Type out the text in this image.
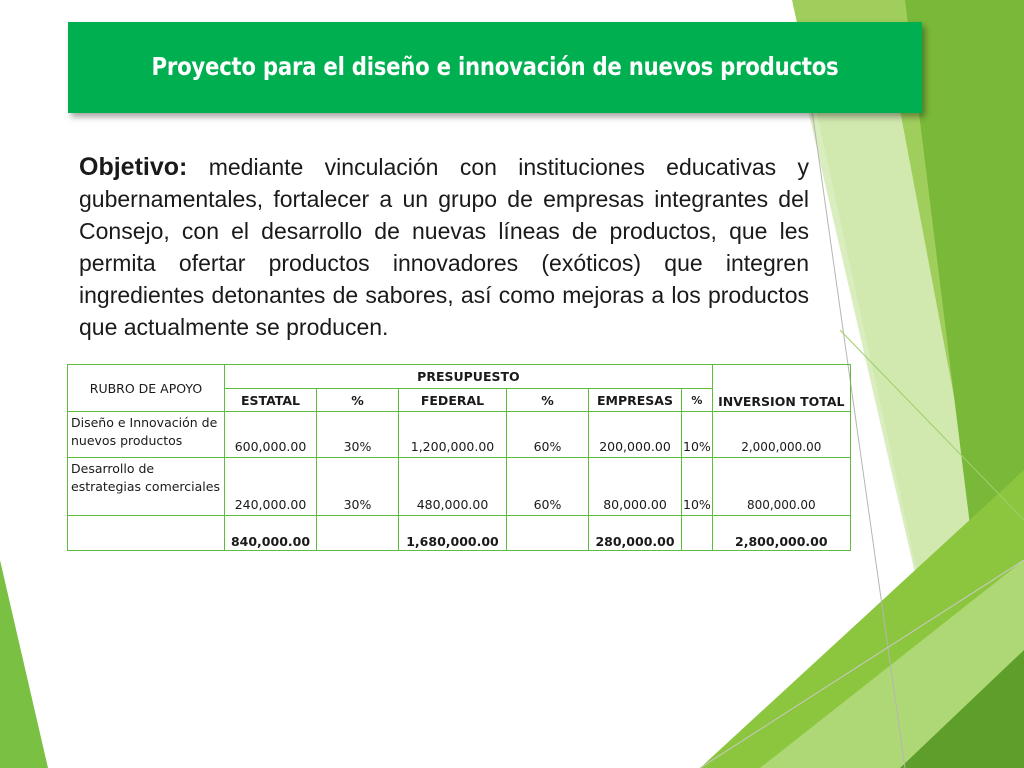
Proyecto para el diseño e innovación de nuevos productos
Objetivo: mediante vinculación con instituciones educativas y gubernamentales, fortalecer a un grupo de empresas integrantes del Consejo, con el desarrollo de nuevas líneas de productos, que les permita ofertar productos innovadores (exóticos) que integren ingredientes detonantes de sabores, así como mejoras a los productos que actualmente se producen.
RUBRO DE APOYO	PRESUPUESTO						INVERSION TOTAL
	ESTATAL	%	FEDERAL	%	EMPRESAS	%	
Diseño e Innovación de nuevos productos	600,000.00	30%	1,200,000.00	60%	200,000.00	10%	2,000,000.00
Desarrollo de estrategias comerciales	240,000.00	30%	480,000.00	60%	80,000.00	10%	800,000.00
	840,000.00		1,680,000.00		280,000.00		2,800,000.00
